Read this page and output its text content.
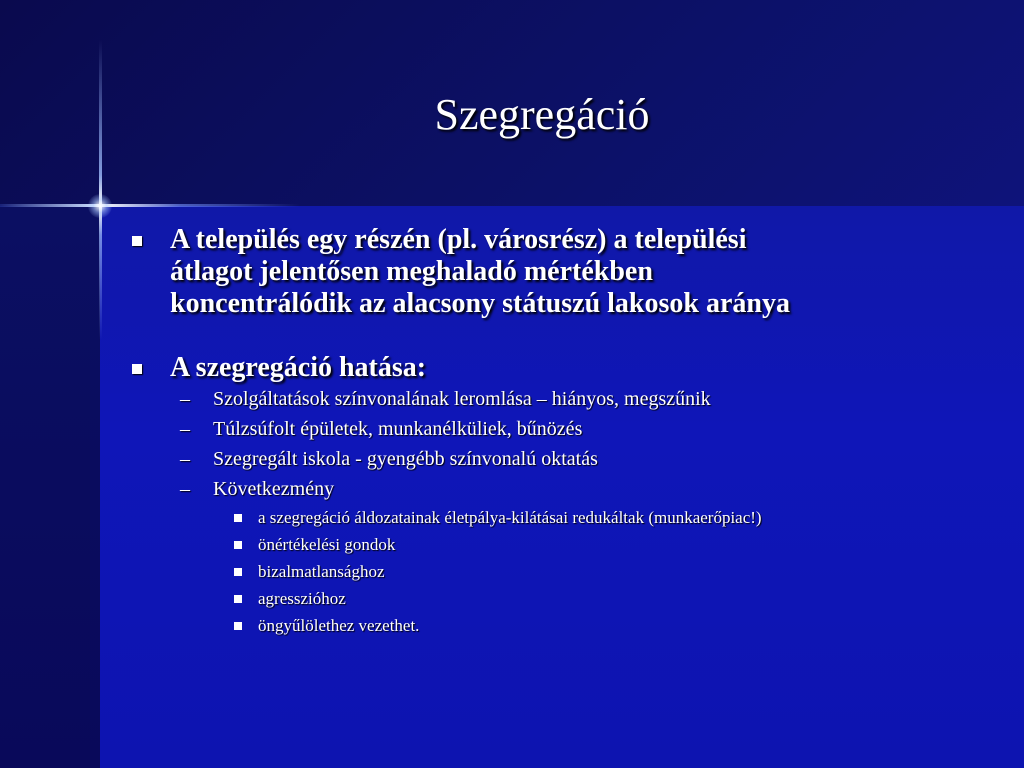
Szegregáció
A település egy részén (pl. városrész) a települési
átlagot jelentősen meghaladó mértékben
koncentrálódik az alacsony státuszú lakosok aránya
A szegregáció hatása:
– Szolgáltatások színvonalának leromlása – hiányos, megszűnik
– Túlzsúfolt épületek, munkanélküliek, bűnözés
– Szegregált iskola - gyengébb színvonalú oktatás
– Következmény
a szegregáció áldozatainak életpálya-kilátásai redukáltak (munkaerőpiac!)
önértékelési gondok
bizalmatlansághoz
agresszióhoz
öngyűlölethez vezethet.
